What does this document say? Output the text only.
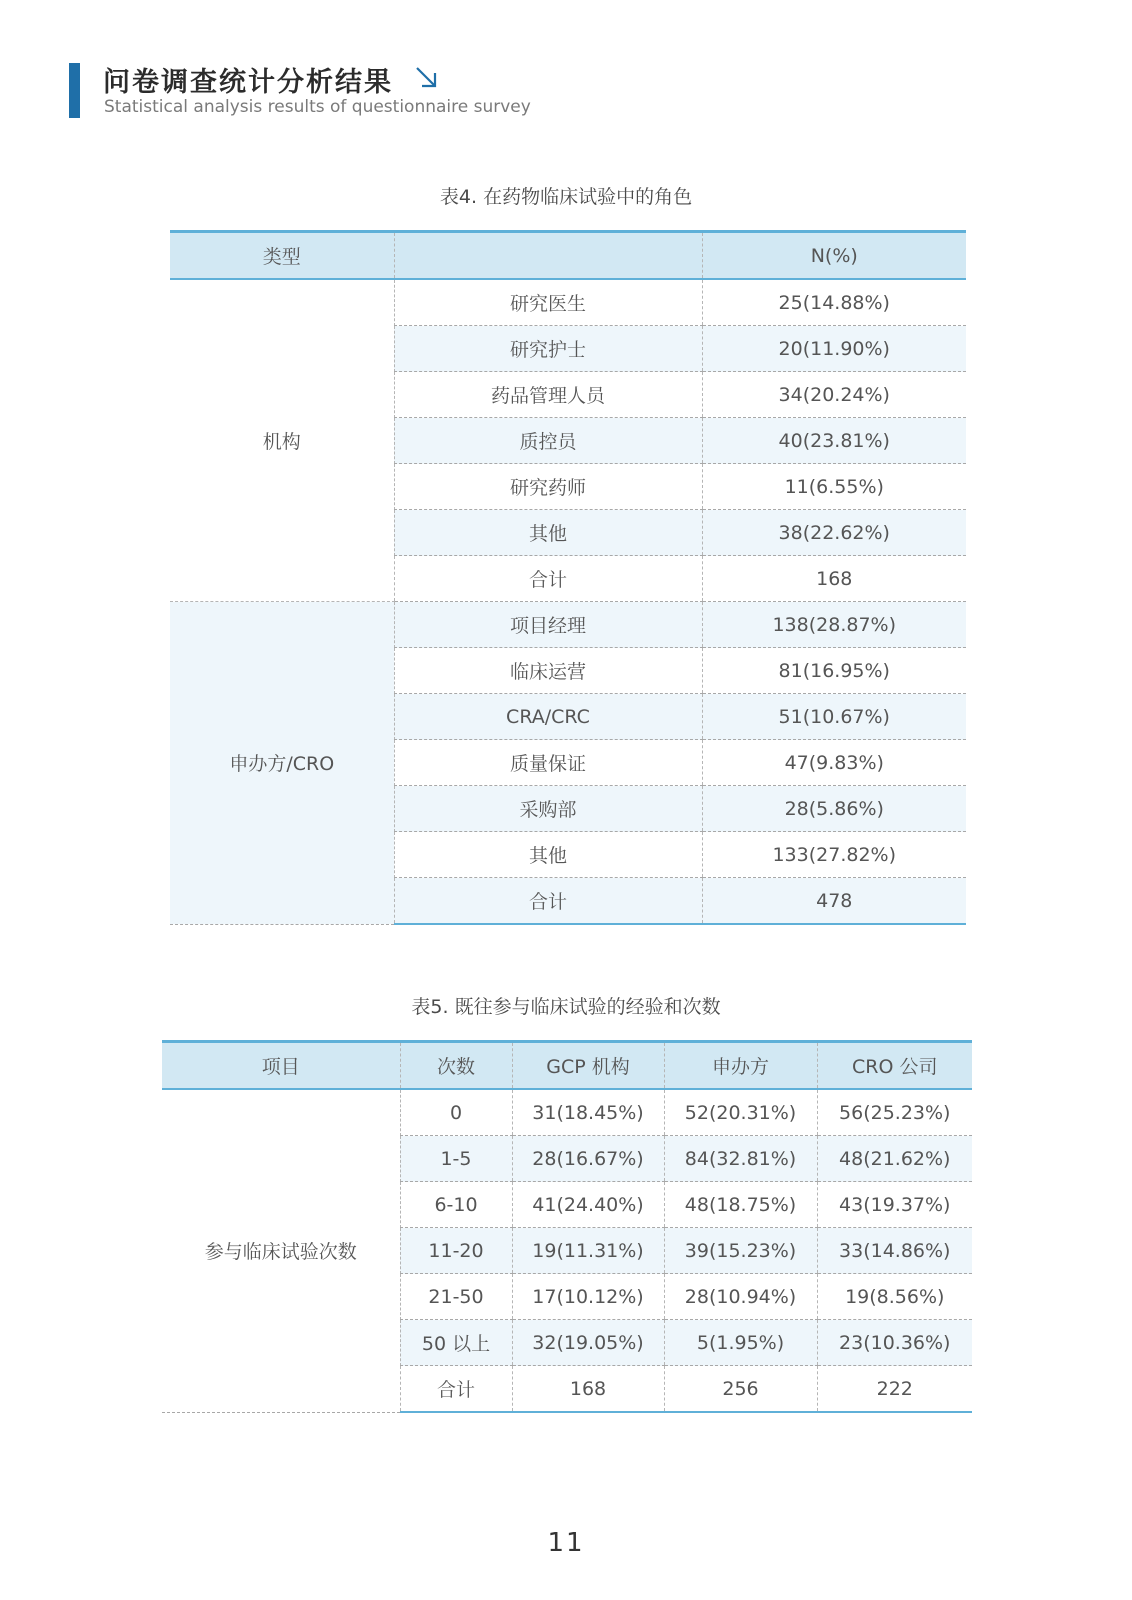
问卷调查统计分析结果
Statistical analysis results of questionnaire survey
表4. 在药物临床试验中的角色
类型		N(%)
机构	研究医生	25(14.88%)
	研究护士	20(11.90%)
	药品管理人员	34(20.24%)
	质控员	40(23.81%)
	研究药师	11(6.55%)
	其他	38(22.62%)
	合计	168
申办方/CRO	项目经理	138(28.87%)
	临床运营	81(16.95%)
	CRA/CRC	51(10.67%)
	质量保证	47(9.83%)
	采购部	28(5.86%)
	其他	133(27.82%)
	合计	478
表5. 既往参与临床试验的经验和次数
项目	次数	GCP 机构	申办方	CRO 公司
参与临床试验次数	0	31(18.45%)	52(20.31%)	56(25.23%)
	1-5	28(16.67%)	84(32.81%)	48(21.62%)
	6-10	41(24.40%)	48(18.75%)	43(19.37%)
	11-20	19(11.31%)	39(15.23%)	33(14.86%)
	21-50	17(10.12%)	28(10.94%)	19(8.56%)
	50 以上	32(19.05%)	5(1.95%)	23(10.36%)
	合计	168	256	222
11
